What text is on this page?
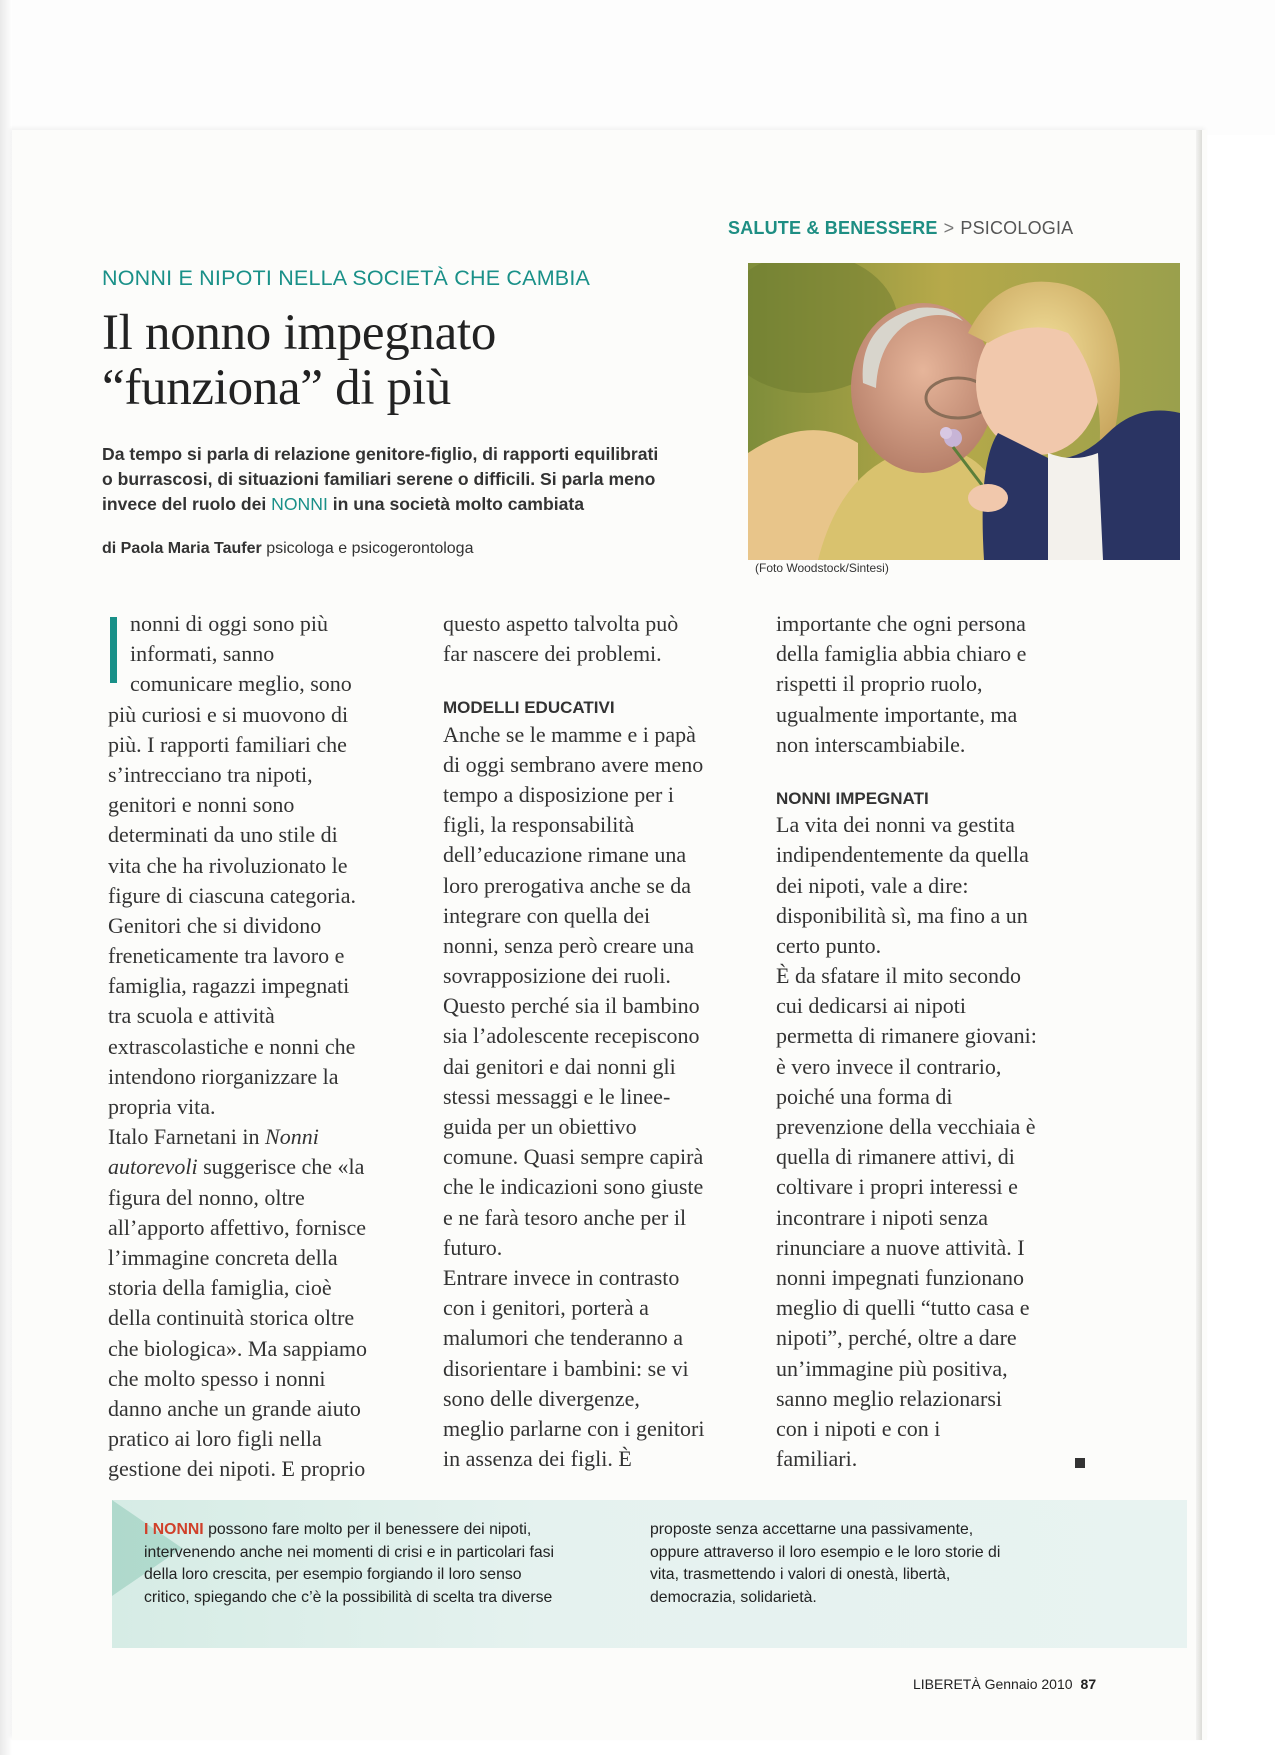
SALUTE & BENESSERE > PSICOLOGIA
NONNI E NIPOTI NELLA SOCIETÀ CHE CAMBIA
Il nonno impegnato
“funziona” di più
Da tempo si parla di relazione genitore-figlio, di rapporti equilibrati
o burrascosi, di situazioni familiari serene o difficili. Si parla meno
invece del ruolo dei NONNI in una società molto cambiata
di Paola Maria Taufer psicologa e psicogerontologa
(Foto Woodstock/Sintesi)
nonni di oggi sono più
informati, sanno
comunicare meglio, sono
più curiosi e si muovono di
più. I rapporti familiari che
s’intrecciano tra nipoti,
genitori e nonni sono
determinati da uno stile di
vita che ha rivoluzionato le
figure di ciascuna categoria.
Genitori che si dividono
freneticamente tra lavoro e
famiglia, ragazzi impegnati
tra scuola e attività
extrascolastiche e nonni che
intendono riorganizzare la
propria vita.
Italo Farnetani in Nonni
autorevoli suggerisce che «la
figura del nonno, oltre
all’apporto affettivo, fornisce
l’immagine concreta della
storia della famiglia, cioè
della continuità storica oltre
che biologica». Ma sappiamo
che molto spesso i nonni
danno anche un grande aiuto
pratico ai loro figli nella
gestione dei nipoti. E proprio
questo aspetto talvolta può
far nascere dei problemi.
MODELLI EDUCATIVI
Anche se le mamme e i papà
di oggi sembrano avere meno
tempo a disposizione per i
figli, la responsabilità
dell’educazione rimane una
loro prerogativa anche se da
integrare con quella dei
nonni, senza però creare una
sovrapposizione dei ruoli.
Questo perché sia il bambino
sia l’adolescente recepiscono
dai genitori e dai nonni gli
stessi messaggi e le linee-
guida per un obiettivo
comune. Quasi sempre capirà
che le indicazioni sono giuste
e ne farà tesoro anche per il
futuro.
Entrare invece in contrasto
con i genitori, porterà a
malumori che tenderanno a
disorientare i bambini: se vi
sono delle divergenze,
meglio parlarne con i genitori
in assenza dei figli. È
importante che ogni persona
della famiglia abbia chiaro e
rispetti il proprio ruolo,
ugualmente importante, ma
non interscambiabile.
NONNI IMPEGNATI
La vita dei nonni va gestita
indipendentemente da quella
dei nipoti, vale a dire:
disponibilità sì, ma fino a un
certo punto.
È da sfatare il mito secondo
cui dedicarsi ai nipoti
permetta di rimanere giovani:
è vero invece il contrario,
poiché una forma di
prevenzione della vecchiaia è
quella di rimanere attivi, di
coltivare i propri interessi e
incontrare i nipoti senza
rinunciare a nuove attività. I
nonni impegnati funzionano
meglio di quelli “tutto casa e
nipoti”, perché, oltre a dare
un’immagine più positiva,
sanno meglio relazionarsi
con i nipoti e con i
familiari.
I NONNI possono fare molto per il benessere dei nipoti,
intervenendo anche nei momenti di crisi e in particolari fasi
della loro crescita, per esempio forgiando il loro senso
critico, spiegando che c’è la possibilità di scelta tra diverse
proposte senza accettarne una passivamente,
oppure attraverso il loro esempio e le loro storie di
vita, trasmettendo i valori di onestà, libertà,
democrazia, solidarietà.
LIBERETÀ Gennaio 2010 87
